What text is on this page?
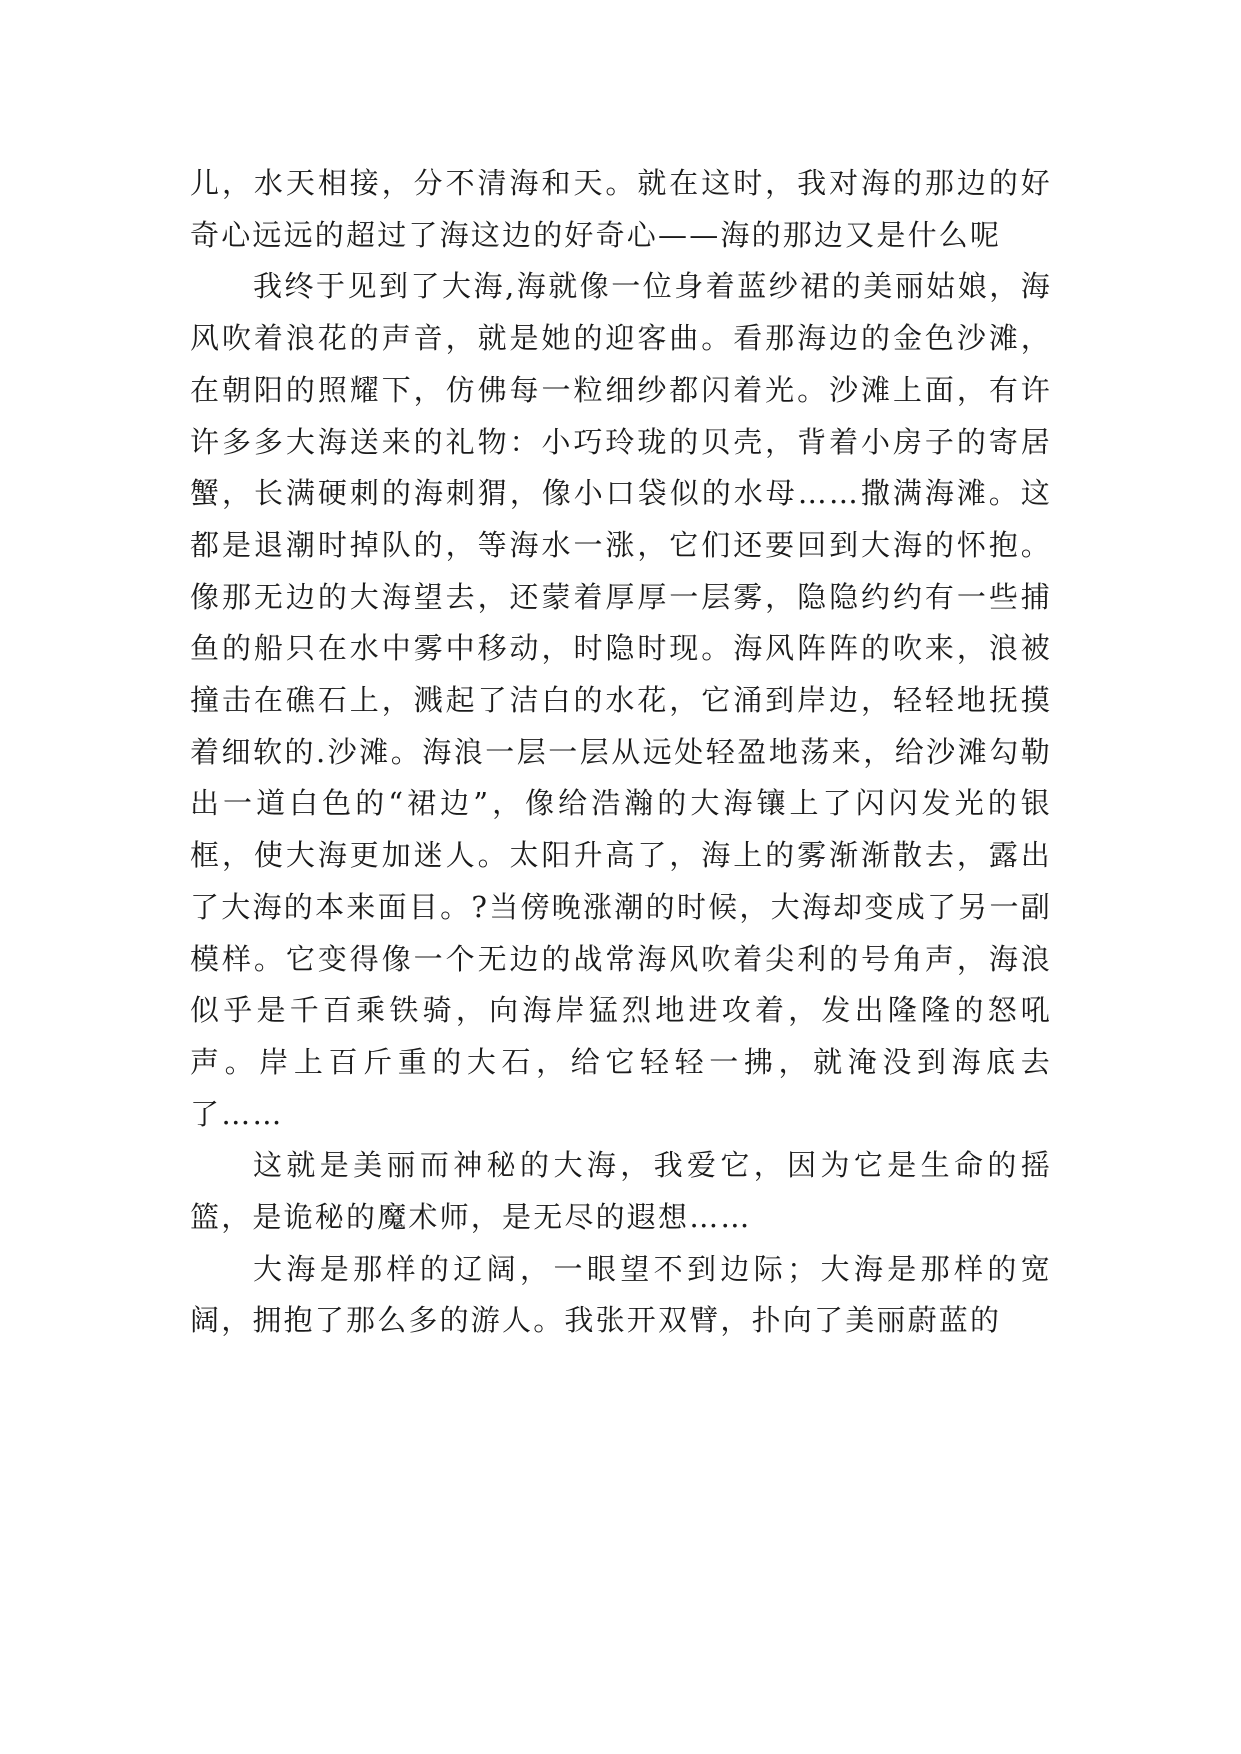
儿，水天相接，分不清海和天。就在这时，我对海的那边的好奇心远远的超过了海这边的好奇心——海的那边又是什么呢

我终于见到了大海,海就像一位身着蓝纱裙的美丽姑娘，海风吹着浪花的声音，就是她的迎客曲。看那海边的金色沙滩，在朝阳的照耀下，仿佛每一粒细纱都闪着光。沙滩上面，有许许多多大海送来的礼物：小巧玲珑的贝壳，背着小房子的寄居蟹，长满硬刺的海刺猬，像小口袋似的水母……撒满海滩。这都是退潮时掉队的，等海水一涨，它们还要回到大海的怀抱。像那无边的大海望去，还蒙着厚厚一层雾，隐隐约约有一些捕鱼的船只在水中雾中移动，时隐时现。海风阵阵的吹来，浪被撞击在礁石上，溅起了洁白的水花，它涌到岸边，轻轻地抚摸着细软的.沙滩。海浪一层一层从远处轻盈地荡来，给沙滩勾勒出一道白色的“裙边”，像给浩瀚的大海镶上了闪闪发光的银框，使大海更加迷人。太阳升高了，海上的雾渐渐散去，露出了大海的本来面目。?当傍晚涨潮的时候，大海却变成了另一副模样。它变得像一个无边的战常海风吹着尖利的号角声，海浪似乎是千百乘铁骑，向海岸猛烈地进攻着，发出隆隆的怒吼声。岸上百斤重的大石，给它轻轻一拂，就淹没到海底去了……

这就是美丽而神秘的大海，我爱它，因为它是生命的摇篮，是诡秘的魔术师，是无尽的遐想……

大海是那样的辽阔，一眼望不到边际；大海是那样的宽阔，拥抱了那么多的游人。我张开双臂，扑向了美丽蔚蓝的
